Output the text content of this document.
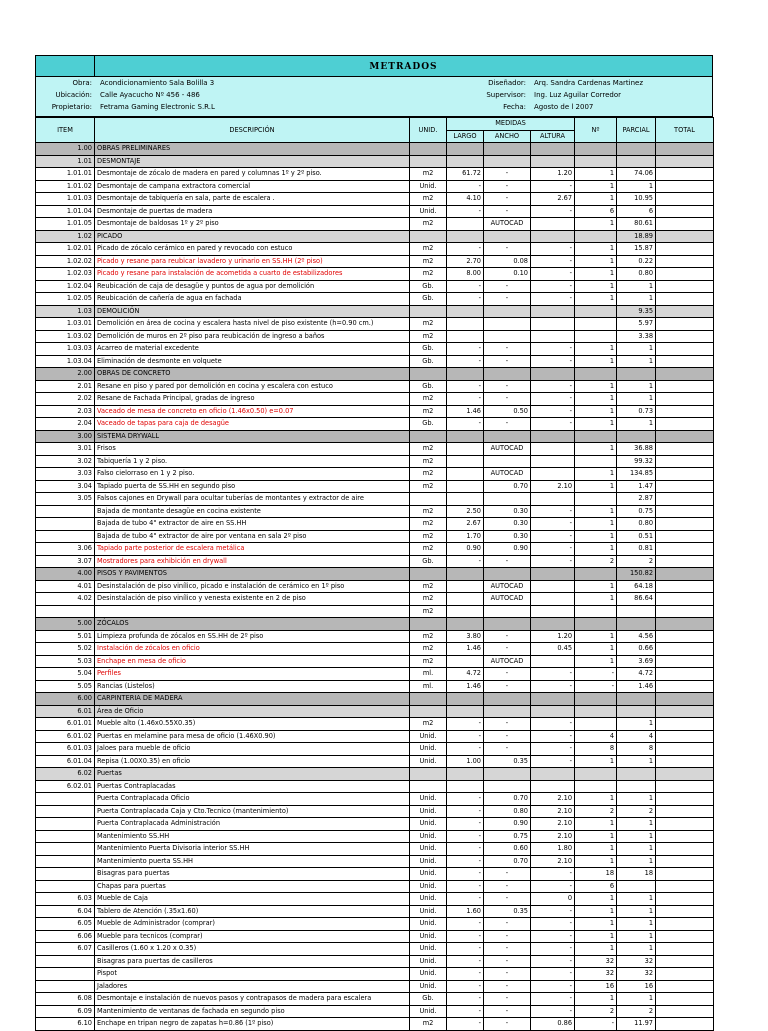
METRADOS
Obra: Acondicionamiento Sala Bolilla 3
Ubicación: Calle Ayacucho Nº 456 - 486
Propietario: Fetrama Gaming Electronic S.R.L
Diseñador: Arq. Sandra Cardenas Martinez
Supervisor: Ing. Luz Aguilar Corredor
Fecha: Agosto de l 2007
ITEM	DESCRIPCIÓN	UNID.	MEDIDAS			Nº	PARCIAL	TOTAL
			LARGO	ANCHO	ALTURA			
1.00	OBRAS PRELIMINARES							
1.01	DESMONTAJE							
1.01.01	Desmontaje de zócalo de madera en pared y columnas 1º y 2º piso.	m2	61.72	-	1.20	1	74.06	
1.01.02	Desmontaje de campana extractora comercial	Unid.	-	-	-	1	1	
1.01.03	Desmontaje de tabiquería en sala, parte de escalera .	m2	4.10	-	2.67	1	10.95	
1.01.04	Desmontaje de puertas de madera	Unid.	-	-	-	6	6	
1.01.05	Desmontaje de baldosas 1º y 2º piso	m2		AUTOCAD		1	80.61	
1.02	PICADO						18.89	
1.02.01	Picado de zócalo cerámico en pared y revocado con estuco	m2	-	-	-	1	15.87	
1.02.02	Picado y resane para reubicar lavadero y urinario en SS.HH (2º piso)	m2	2.70	0.08	-	1	0.22	
1.02.03	Picado y resane para instalación de acometida a cuarto de estabilizadores	m2	8.00	0.10	-	1	0.80	
1.02.04	Reubicación de caja de desagüe y puntos de agua por demolición	Gb.	-	-	-	1	1	
1.02.05	Reubicación de cañería de agua en fachada	Gb.	-	-	-	1	1	
1.03	DEMOLICIÓN						9.35	
1.03.01	Demolición en área de cocina y escalera hasta nivel de piso existente (h=0.90 cm.)	m2					5.97	
1.03.02	Demolición de muros en 2º piso para reubicación de ingreso a baños	m2					3.38	
1.03.03	Acarreo de material excedente	Gb.	-	-	-	1	1	
1.03.04	Eliminación de desmonte en volquete	Gb.	-	-	-	1	1	
2.00	OBRAS DE CONCRETO							
2.01	Resane en piso y pared por demolición en cocina y escalera con estuco	Gb.	-	-	-	1	1	
2.02	Resane de Fachada Principal, gradas de ingreso	m2	-	-	-	1	1	
2.03	Vaceado de mesa de concreto en oficio (1.46x0.50) e=0.07	m2	1.46	0.50	-	1	0.73	
2.04	Vaceado de tapas para caja de desagüe	Gb.	-	-	-	1	1	
3.00	SISTEMA DRYWALL							
3.01	Frisos	m2		AUTOCAD		1	36.88	
3.02	Tabiquería 1 y 2 piso.	m2					99.32	
3.03	Falso cielorraso en 1 y 2 piso.	m2		AUTOCAD		1	134.85	
3.04	Tapiado puerta de SS.HH en segundo piso	m2		0.70	2.10	1	1.47	
3.05	Falsos cajones en Drywall para ocultar tuberías de montantes y extractor de aire						2.87	
	Bajada de montante desagüe en cocina existente	m2	2.50	0.30	-	1	0.75	
	Bajada de tubo 4" extractor de aire en SS.HH	m2	2.67	0.30	-	1	0.80	
	Bajada de tubo 4" extractor de aire por ventana en sala 2º piso	m2	1.70	0.30	-	1	0.51	
3.06	Tapiado parte posterior de escalera metálica	m2	0.90	0.90	-	1	0.81	
3.07	Mostradores para exhibición en drywall	Gb.	-	-	-	2	2	
4.00	PISOS Y PAVIMENTOS						150.82	
4.01	Desinstalación de piso vinílico, picado e instalación de cerámico en 1º piso	m2		AUTOCAD		1	64.18	
4.02	Desinstalación de piso vinílico y venesta existente en 2 de piso	m2		AUTOCAD		1	86.64	
		m2						
5.00	ZÓCALOS							
5.01	Limpieza profunda de zócalos en SS.HH de 2º piso	m2	3.80	-	1.20	1	4.56	
5.02	Instalación de zócalos en oficio	m2	1.46	-	0.45	1	0.66	
5.03	Enchape en mesa de oficio	m2		AUTOCAD		1	3.69	
5.04	Perfiles	ml.	4.72	-	-	-	4.72	
5.05	Rancias (Listelos)	ml.	1.46	-	-	-	1.46	
6.00	CARPINTERIA DE MADERA							
6.01	Área de Oficio							
6.01.01	Mueble alto (1.46x0.55X0.35)	m2	-	-	-		1	
6.01.02	Puertas en melamine para mesa de oficio (1.46X0.90)	Unid.	-	-	-	4	4	
6.01.03	Jaloes para mueble de oficio	Unid.	-	-	-	8	8	
6.01.04	Repisa (1.00X0.35) en oficio	Unid.	1.00	0.35	-	1	1	
6.02	Puertas							
6.02.01	Puertas Contraplacadas							
	Puerta Contraplacada Oficio	Unid.	-	0.70	2.10	1	1	
	Puerta Contraplacada Caja y Cto.Tecnico (mantenimiento)	Unid.	-	0.80	2.10	2	2	
	Puerta Contraplacada Administración	Unid.	-	0.90	2.10	1	1	
	Mantenimiento SS.HH	Unid.	-	0.75	2.10	1	1	
	Mantenimiento Puerta Divisoria interior SS.HH	Unid.	-	0.60	1.80	1	1	
	Mantenimiento puerta SS.HH	Unid.	-	0.70	2.10	1	1	
	Bisagras para puertas	Unid.	-	-	-	18	18	
	Chapas para puertas	Unid.	-	-	-	6		
6.03	Mueble de Caja	Unid.	-	-	0	1	1	
6.04	Tablero de Atención (.35x1.60)	Unid.	1.60	0.35	-	1	1	
6.05	Mueble de Administrador (comprar)	Unid.	-	-	-	1	1	
6.06	Mueble para tecnicos (comprar)	Unid.	-	-	-	1	1	
6.07	Casilleros (1.60 x 1.20 x 0.35)	Unid.	-	-	-	1	1	
	Bisagras para puertas de casilleros	Unid.	-	-	-	32	32	
	Pispot	Unid.	-	-	-	32	32	
	Jaladores	Unid.	-	-	-	16	16	
6.08	Desmontaje e instalación de nuevos pasos y contrapasos de madera para escalera	Gb.	-	-	-	1	1	
6.09	Mantenimiento de ventanas de fachada en segundo piso	Unid.	-	-	-	2	2	
6.10	Enchape en tripan negro de zapatas h=0.86 (1º piso)	m2	-	-	0.86	-	11.97	
